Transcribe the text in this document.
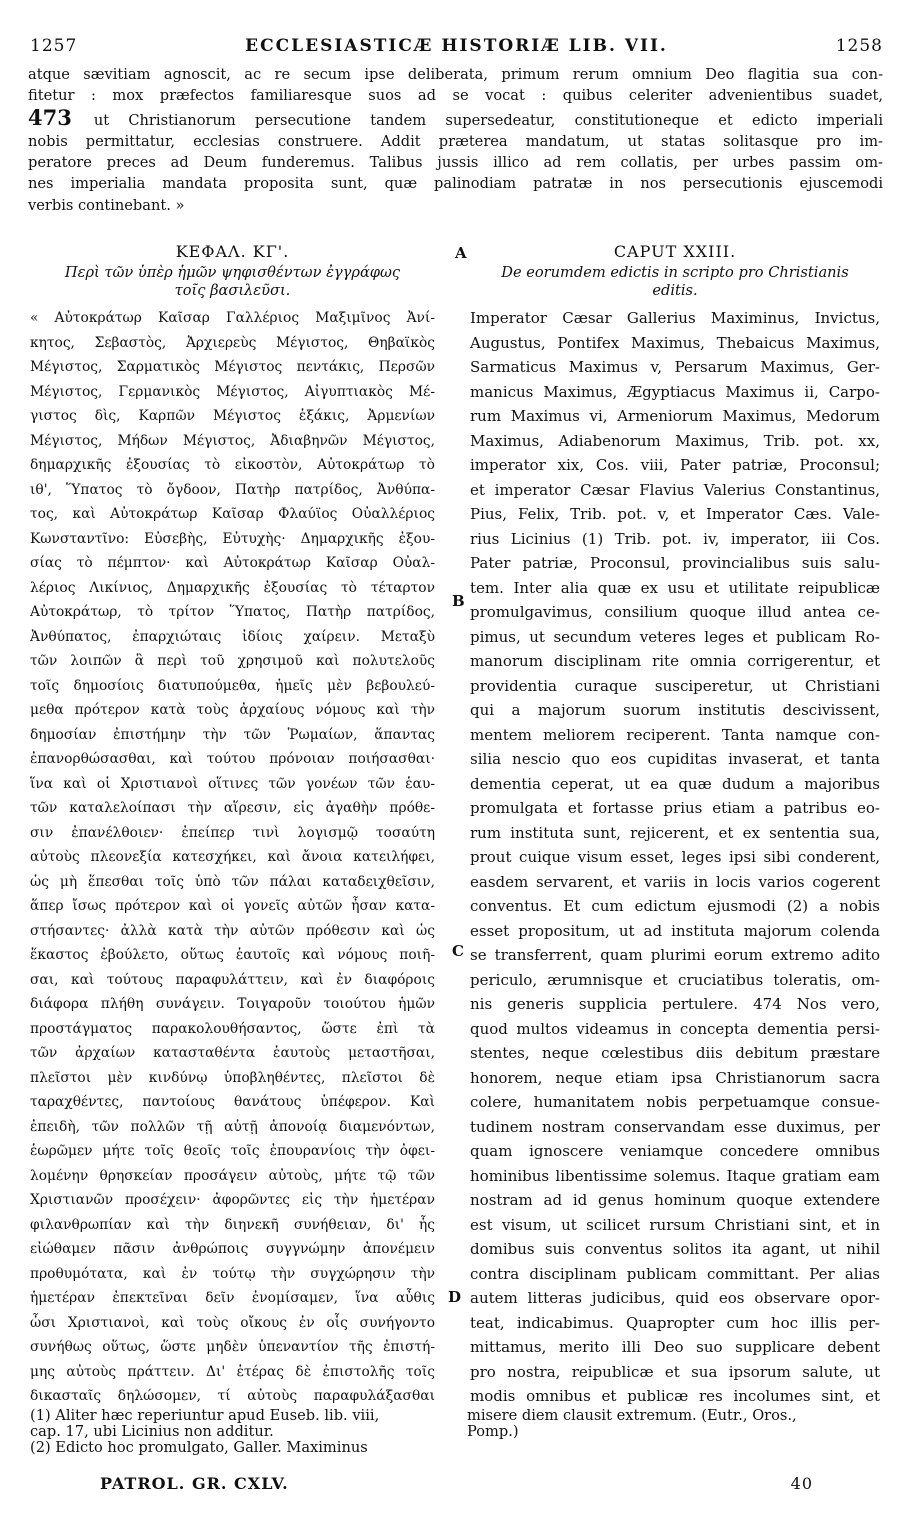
1257	ECCLESIASTICÆ HISTORIÆ LIB. VII.	1258
atque sævitiam agnoscit, ac re secum ipse deliberata, primum rerum omnium Deo flagitia sua con-
fitetur : mox præfectos familiaresque suos ad se vocat : quibus celeriter advenientibus suadet,
473 ut Christianorum persecutione tandem supersedeatur, constitutioneque et edicto imperiali
nobis permittatur, ecclesias construere. Addit præterea mandatum, ut statas solitasque pro im-
peratore preces ad Deum funderemus. Talibus jussis illico ad rem collatis, per urbes passim om-
nes imperialia mandata proposita sunt, quæ palinodiam patratæ in nos persecutionis ejuscemodi
verbis continebant. »
ΚΕΦΑΛ. ΚΓ'.
Περὶ τῶν ὑπὲρ ἡμῶν ψηφισθέντων ἐγγράφως
τοῖς βασιλεῦσι.
« Αὐτοκράτωρ Καῖσαρ Γαλλέριος Μαξιμῖνος Ἀνί-
κητος, Σεβαστὸς, Ἀρχιερεὺς Μέγιστος, Θηβαϊκὸς
Μέγιστος, Σαρματικὸς Μέγιστος πεντάκις, Περσῶν
Μέγιστος, Γερμανικὸς Μέγιστος, Αἰγυπτιακὸς Μέ-
γιστος δὶς, Καρπῶν Μέγιστος ἑξάκις, Ἀρμενίων
Μέγιστος, Μήδων Μέγιστος, Ἀδιαβηνῶν Μέγιστος,
δημαρχικῆς ἐξουσίας τὸ εἰκοστὸν, Αὐτοκράτωρ τὸ
ιθ', Ὕπατος τὸ ὄγδοον, Πατὴρ πατρίδος, Ἀνθύπα-
τος, καὶ Αὐτοκράτωρ Καῖσαρ Φλαύϊος Οὐαλλέριος
Κωνσταντῖνο: Εὐσεβὴς, Εὐτυχὴς· Δημαρχικῆς ἐξου-
σίας τὸ πέμπτον· καὶ Αὐτοκράτωρ Καῖσαρ Οὐαλ-
λέριος Λικίνιος, Δημαρχικῆς ἐξουσίας τὸ τέταρτον
Αὐτοκράτωρ, τὸ τρίτον Ὕπατος, Πατὴρ πατρίδος,
Ἀνθύπατος, ἐπαρχιώταις ἰδίοις χαίρειν. Μεταξὺ
τῶν λοιπῶν ἃ περὶ τοῦ χρησιμοῦ καὶ πολυτελοῦς
τοῖς δημοσίοις διατυπούμεθα, ἡμεῖς μὲν βεβουλεύ-
μεθα πρότερον κατὰ τοὺς ἀρχαίους νόμους καὶ τὴν
δημοσίαν ἐπιστήμην τὴν τῶν Ῥωμαίων, ἅπαντας
ἐπανορθώσασθαι, καὶ τούτου πρόνοιαν ποιήσασθαι·
ἵνα καὶ οἱ Χριστιανοὶ οἵτινες τῶν γονέων τῶν ἑαυ-
τῶν καταλελοίπασι τὴν αἵρεσιν, εἰς ἀγαθὴν πρόθε-
σιν ἐπανέλθοιεν· ἐπείπερ τινὶ λογισμῷ τοσαύτη
αὐτοὺς πλεονεξία κατεσχήκει, καὶ ἄνοια κατειλήφει,
ὡς μὴ ἕπεσθαι τοῖς ὑπὸ τῶν πάλαι καταδειχθεῖσιν,
ἅπερ ἴσως πρότερον καὶ οἱ γονεῖς αὐτῶν ἦσαν κατα-
στήσαντες· ἀλλὰ κατὰ τὴν αὐτῶν πρόθεσιν καὶ ὡς
ἕκαστος ἐβούλετο, οὕτως ἑαυτοῖς καὶ νόμους ποιῆ-
σαι, καὶ τούτους παραφυλάττειν, καὶ ἐν διαφόροις
διάφορα πλήθη συνάγειν. Τοιγαροῦν τοιούτου ἡμῶν
προστάγματος παρακολουθήσαντος, ὥστε ἐπὶ τὰ
τῶν ἀρχαίων κατασταθέντα ἑαυτοὺς μεταστῆσαι,
πλεῖστοι μὲν κινδύνῳ ὑποβληθέντες, πλεῖστοι δὲ
ταραχθέντες, παντοίους θανάτους ὑπέφερον. Καὶ
ἐπειδὴ, τῶν πολλῶν τῇ αὐτῇ ἀπονοίᾳ διαμενόντων,
ἑωρῶμεν μήτε τοῖς θεοῖς τοῖς ἐπουρανίοις τὴν ὀφει-
λομένην θρησκείαν προσάγειν αὐτοὺς, μήτε τῷ τῶν
Χριστιανῶν προσέχειν· ἀφορῶντες εἰς τὴν ἡμετέραν
φιλανθρωπίαν καὶ τὴν διηνεκῆ συνήθειαν, δι' ἧς
εἰώθαμεν πᾶσιν ἀνθρώποις συγγνώμην ἀπονέμειν
προθυμότατα, καὶ ἐν τούτῳ τὴν συγχώρησιν τὴν
ἡμετέραν ἐπεκτεῖναι δεῖν ἐνομίσαμεν, ἵνα αὖθις
ὦσι Χριστιανοὶ, καὶ τοὺς οἴκους ἐν οἷς συνήγοντο
συνήθως οὕτως, ὥστε μηδὲν ὑπεναντίον τῆς ἐπιστή-
μης αὐτοὺς πράττειν. Δι' ἑτέρας δὲ ἐπιστολῆς τοῖς
δικασταῖς δηλώσομεν, τί αὐτοὺς παραφυλάξασθαι
CAPUT XXIII.
De eorumdem edictis in scripto pro Christianis
editis.
Imperator Cæsar Gallerius Maximinus, Invictus,
Augustus, Pontifex Maximus, Thebaicus Maximus,
Sarmaticus Maximus v, Persarum Maximus, Ger-
manicus Maximus, Ægyptiacus Maximus ii, Carpo-
rum Maximus vi, Armeniorum Maximus, Medorum
Maximus, Adiabenorum Maximus, Trib. pot. xx,
imperator xix, Cos. viii, Pater patriæ, Proconsul;
et imperator Cæsar Flavius Valerius Constantinus,
Pius, Felix, Trib. pot. v, et Imperator Cæs. Vale-
rius Licinius (1) Trib. pot. iv, imperator, iii Cos.
Pater patriæ, Proconsul, provincialibus suis salu-
tem. Inter alia quæ ex usu et utilitate reipublicæ
promulgavimus, consilium quoque illud antea ce-
pimus, ut secundum veteres leges et publicam Ro-
manorum disciplinam rite omnia corrigerentur, et
providentia curaque susciperetur, ut Christiani
qui a majorum suorum institutis descivissent,
mentem meliorem reciperent. Tanta namque con-
silia nescio quo eos cupiditas invaserat, et tanta
dementia ceperat, ut ea quæ dudum a majoribus
promulgata et fortasse prius etiam a patribus eo-
rum instituta sunt, rejicerent, et ex sententia sua,
prout cuique visum esset, leges ipsi sibi conderent,
easdem servarent, et variis in locis varios cogerent
conventus. Et cum edictum ejusmodi (2) a nobis
esset propositum, ut ad instituta majorum colenda
se transferrent, quam plurimi eorum extremo adito
periculo, ærumnisque et cruciatibus toleratis, om-
nis generis supplicia pertulere. 474 Nos vero,
quod multos videamus in concepta dementia persi-
stentes, neque cœlestibus diis debitum præstare
honorem, neque etiam ipsa Christianorum sacra
colere, humanitatem nobis perpetuamque consue-
tudinem nostram conservandam esse duximus, per
quam ignoscere veniamque concedere omnibus
hominibus libentissime solemus. Itaque gratiam eam
nostram ad id genus hominum quoque extendere
est visum, ut scilicet rursum Christiani sint, et in
domibus suis conventus solitos ita agant, ut nihil
contra disciplinam publicam committant. Per alias
autem litteras judicibus, quid eos observare opor-
teat, indicabimus. Quapropter cum hoc illis per-
mittamus, merito illi Deo suo supplicare debent
pro nostra, reipublicæ et sua ipsorum salute, ut
modis omnibus et publicæ res incolumes sint, et
A
B
C
D
(1) Aliter hæc reperiuntur apud Euseb. lib. viii,
cap. 17, ubi Licinius non additur.
(2) Edicto hoc promulgato, Galler. Maximinus
misere diem clausit extremum. (Eutr., Oros.,
Pomp.)
PATROL. GR. CXLV.	40
